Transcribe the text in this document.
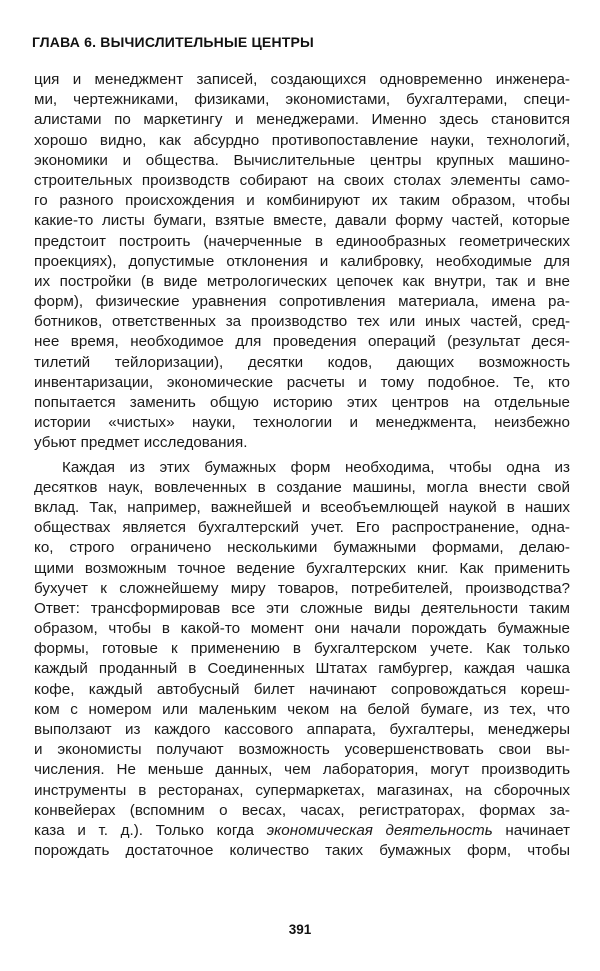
ГЛАВА 6. ВЫЧИСЛИТЕЛЬНЫЕ ЦЕНТРЫ
ция и менеджмент записей, создающихся одновременно инженера-
ми, чертежниками, физиками, экономистами, бухгалтерами, специ-
алистами по маркетингу и менеджерами. Именно здесь становится
хорошо видно, как абсурдно противопоставление науки, технологий,
экономики и общества. Вычислительные центры крупных машино-
строительных производств собирают на своих столах элементы само-
го разного происхождения и комбинируют их таким образом, чтобы
какие-то листы бумаги, взятые вместе, давали форму частей, которые
предстоит построить (начерченные в единообразных геометрических
проекциях), допустимые отклонения и калибровку, необходимые для
их постройки (в виде метрологических цепочек как внутри, так и вне
форм), физические уравнения сопротивления материала, имена ра-
ботников, ответственных за производство тех или иных частей, сред-
нее время, необходимое для проведения операций (результат деся-
тилетий тейлоризации), десятки кодов, дающих возможность
инвентаризации, экономические расчеты и тому подобное. Те, кто
попытается заменить общую историю этих центров на отдельные
истории «чистых» науки, технологии и менеджмента, неизбежно
убьют предмет исследования.
Каждая из этих бумажных форм необходима, чтобы одна из
десятков наук, вовлеченных в создание машины, могла внести свой
вклад. Так, например, важнейшей и всеобъемлющей наукой в наших
обществах является бухгалтерский учет. Его распространение, одна-
ко, строго ограничено несколькими бумажными формами, делаю-
щими возможным точное ведение бухгалтерских книг. Как применить
бухучет к сложнейшему миру товаров, потребителей, производства?
Ответ: трансформировав все эти сложные виды деятельности таким
образом, чтобы в какой-то момент они начали порождать бумажные
формы, готовые к применению в бухгалтерском учете. Как только
каждый проданный в Соединенных Штатах гамбургер, каждая чашка
кофе, каждый автобусный билет начинают сопровождаться кореш-
ком с номером или маленьким чеком на белой бумаге, из тех, что
выползают из каждого кассового аппарата, бухгалтеры, менеджеры
и экономисты получают возможность усовершенствовать свои вы-
числения. Не меньше данных, чем лаборатория, могут производить
инструменты в ресторанах, супермаркетах, магазинах, на сборочных
конвейерах (вспомним о весах, часах, регистраторах, формах за-
каза и т. д.). Только когда экономическая деятельность начинает
порождать достаточное количество таких бумажных форм, чтобы
391
